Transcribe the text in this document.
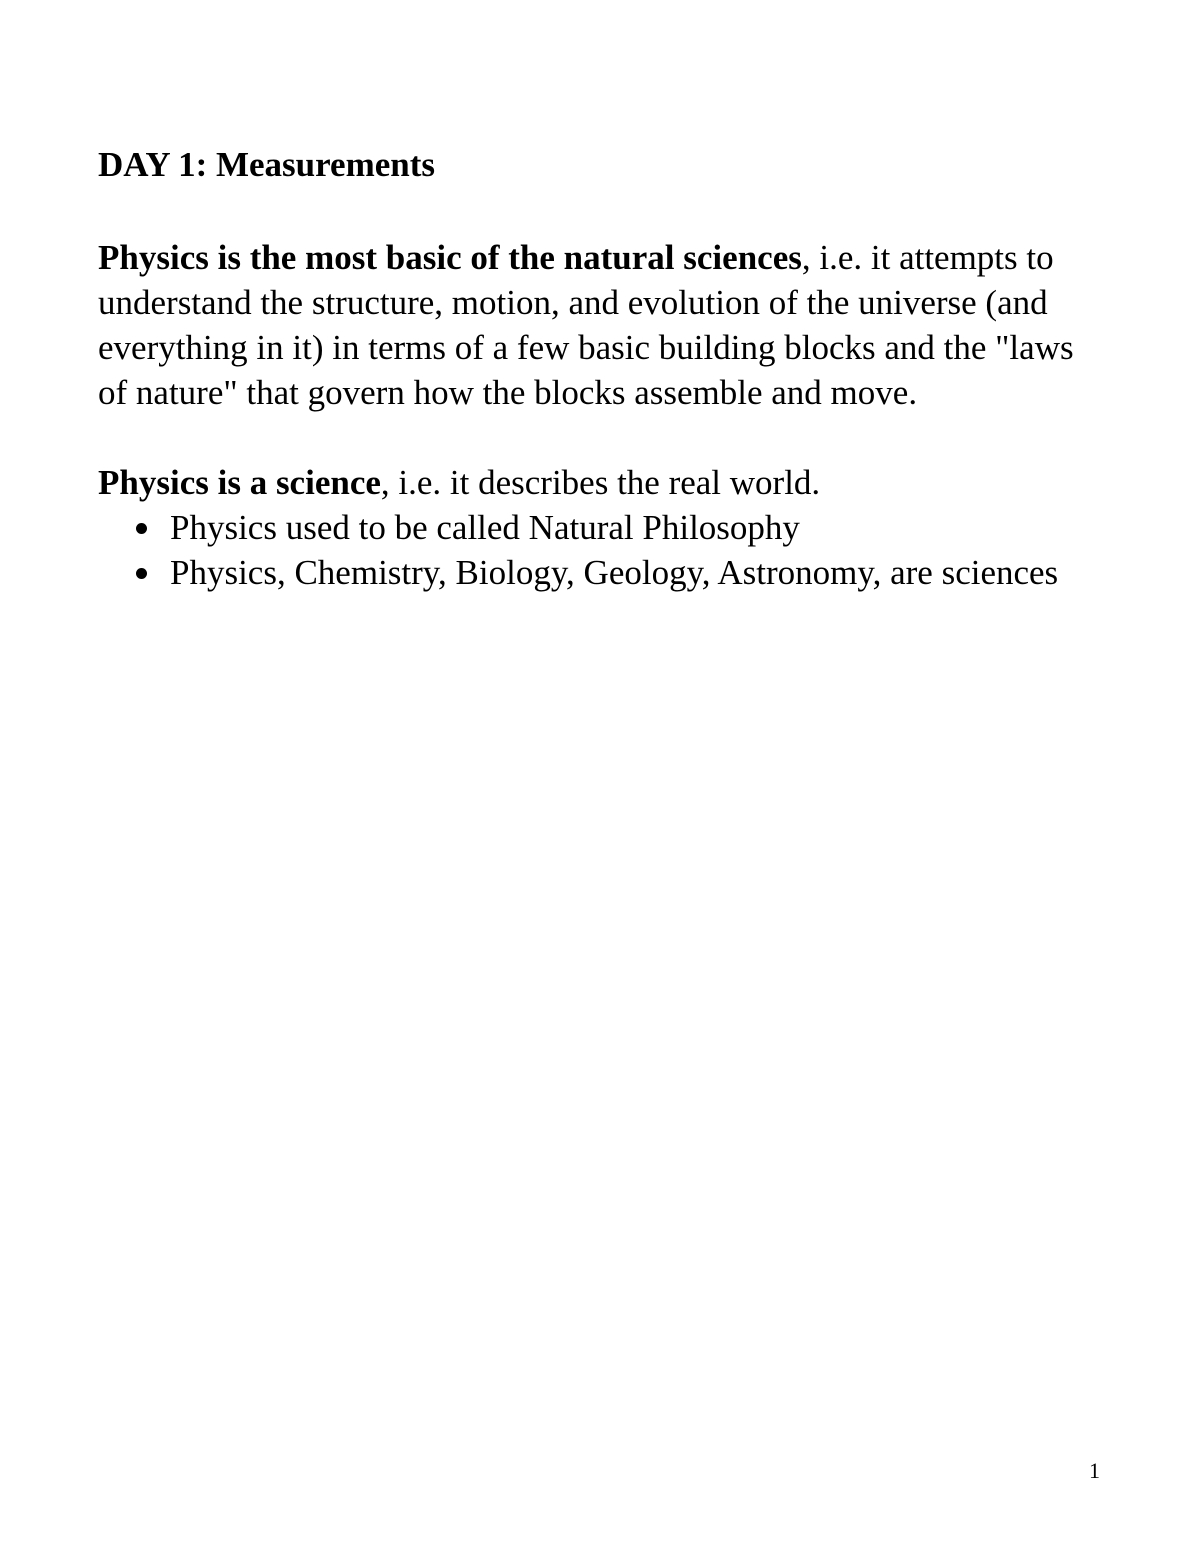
DAY 1: Measurements

Physics is the most basic of the natural sciences, i.e. it attempts to understand the structure, motion, and evolution of the universe (and everything in it) in terms of a few basic building blocks and the "laws of nature" that govern how the blocks assemble and move.

Physics is a science, i.e. it describes the real world.

Physics used to be called Natural Philosophy
Physics, Chemistry, Biology, Geology, Astronomy, are sciences
1
